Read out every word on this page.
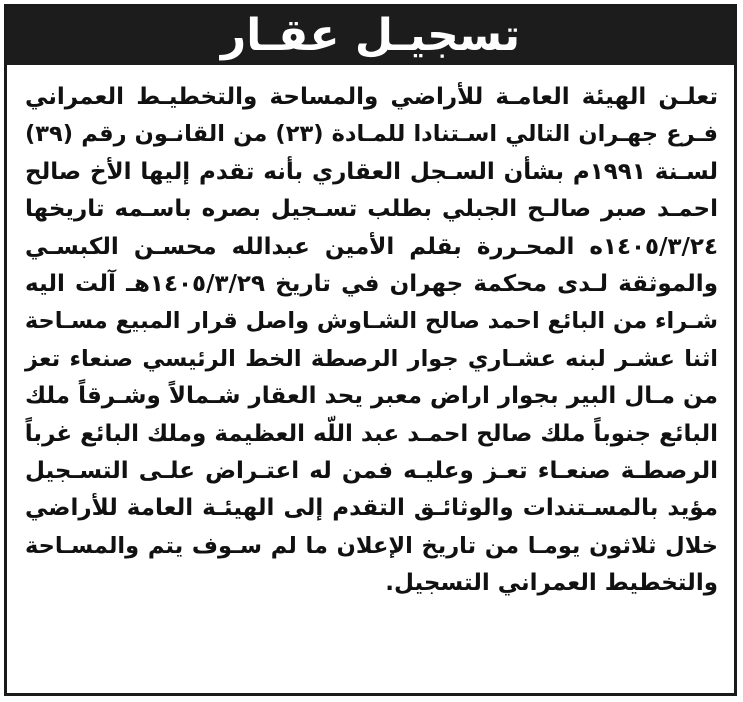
تسجيـل عقـار
تعلـن الهيئة العامـة للأراضي والمساحة والتخطيـط العمراني
فـرع جهـران التالي اسـتنادا للمـادة (٢٣) من القانـون رقم (٣٩)
لسـنة ١٩٩١م بشأن السـجل العقاري بأنه تقدم إليها الأخ صالح
احمـد صبر صالـح الجبلي بطلب تسـجيل بصره باسـمه تاريخها
١٤٠٥/٣/٢٤ه المحـررة بقلم الأمين عبدالله محسـن الكبسـي
والموثقة لـدى محكمة جهران في تاريخ ١٤٠٥/٣/٢٩هـ آلت اليه
شـراء من البائع احمد صالح الشـاوش واصل قرار المبيع مسـاحة
اثنا عشـر لبنه عشـاري جوار الرصطة الخط الرئيسي صنعاء تعز
من مـال البير بجوار اراض معبر يحد العقار شـمالاً وشـرقاً ملك
البائع جنوباً ملك صالح احمـد عبد اللّه العظيمة وملك البائع غرباً
الرصطـة صنعـاء تعـز وعليـه فمن له اعتـراض علـى التسـجيل
مؤيد بالمسـتندات والوثائـق التقدم إلى الهيئـة العامة للأراضي
خلال ثلاثون يومـا من تاريخ الإعلان ما لم سـوف يتم والمسـاحة
والتخطيط العمراني التسجيل.
